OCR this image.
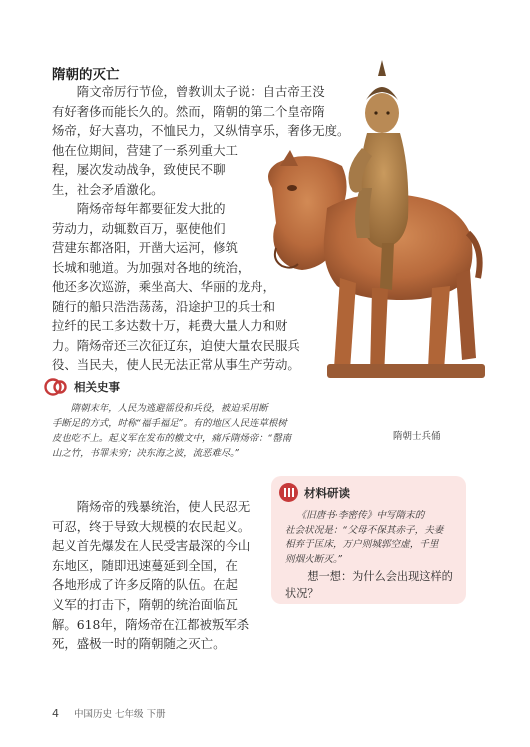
隋朝的灭亡

隋文帝厉行节俭，曾教训太子说：自古帝王没
有好奢侈而能长久的。然而，隋朝的第二个皇帝隋
炀帝，好大喜功，不恤民力，又纵情享乐，奢侈无度。
他在位期间，营建了一系列重大工
程，屡次发动战争，致使民不聊
生，社会矛盾激化。

隋炀帝每年都要征发大批的
劳动力，动辄数百万，驱使他们
营建东都洛阳，开凿大运河，修筑
长城和驰道。为加强对各地的统治，
他还多次巡游，乘坐高大、华丽的龙舟，
随行的船只浩浩荡荡，沿途护卫的兵士和
拉纤的民工多达数十万，耗费大量人力和财
力。隋炀帝还三次征辽东，迫使大量农民服兵
役、当民夫，使人民无法正常从事生产劳动。

隋朝士兵俑
相关史事
隋朝末年，人民为逃避徭役和兵役，被迫采用断
手断足的方式，时称“福手福足”。有的地区人民连草根树
皮也吃不上。起义军在发布的檄文中，痛斥隋炀帝：“罄南
山之竹，书罪未穷；决东海之波，流恶难尽。”
隋炀帝的残暴统治，使人民忍无
可忍，终于导致大规模的农民起义。
起义首先爆发在人民受害最深的今山
东地区，随即迅速蔓延到全国，在
各地形成了许多反隋的队伍。在起
义军的打击下，隋朝的统治面临瓦
解。618年，隋炀帝在江都被叛军杀
死，盛极一时的隋朝随之灭亡。
材料研读
《旧唐书·李密传》中写隋末的
社会状况是：“父母不保其赤子，夫妻
相弃于匡床，万户则城郭空虚，千里
则烟火断灭。”
想一想：为什么会出现这样的
状况？
4 中国历史 七年级 下册
